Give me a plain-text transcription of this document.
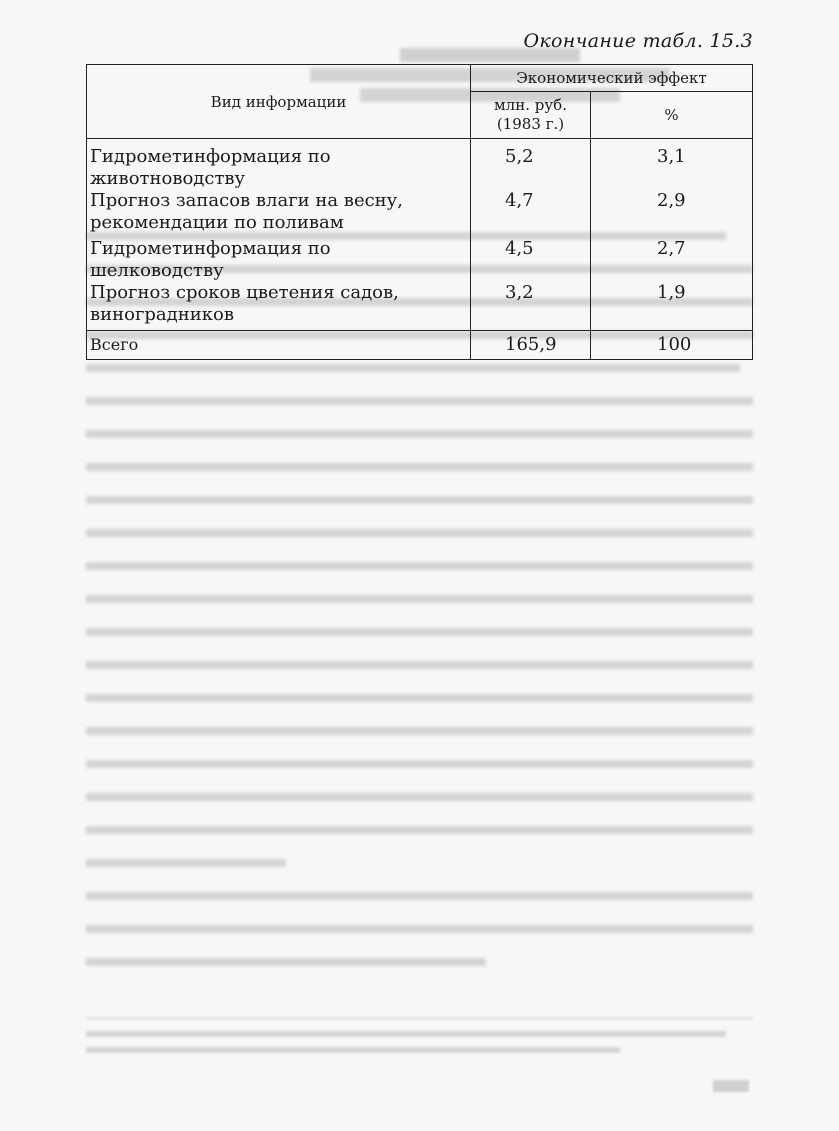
Окончание табл. 15.3
Вид информации	Экономический эффект	
	млн. руб. (1983 г.)	%
Гидрометинформация по животноводству	5,2	3,1
Прогноз запасов влаги на весну, рекомендации по поливам	4,7	2,9

Гидрометинформация по шелководству	4,5	2,7
Прогноз сроков цветения садов, виноградников	3,2	1,9

Всего	165,9	100
